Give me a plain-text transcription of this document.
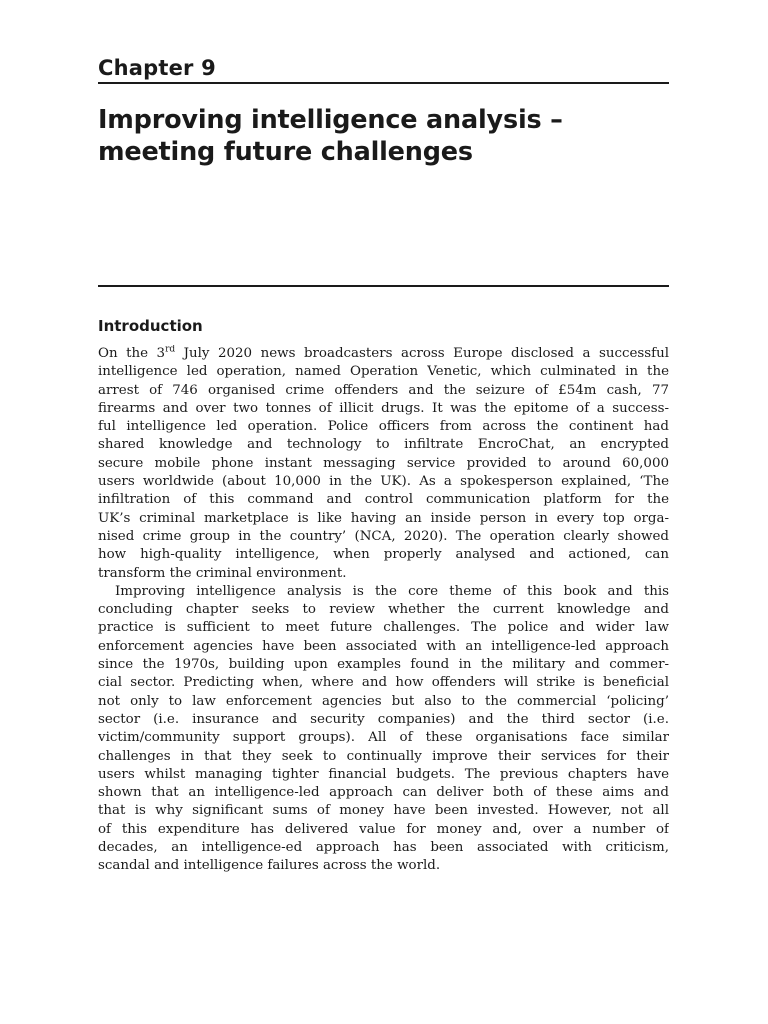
Chapter 9
Improving intelligence analysis –
meeting future challenges
Introduction

On the 3rd July 2020 news broadcasters across Europe disclosed a successful
intelligence led operation, named Operation Venetic, which culminated in the
arrest of 746 organised crime offenders and the seizure of £54m cash, 77
firearms and over two tonnes of illicit drugs. It was the epitome of a success-
ful intelligence led operation. Police officers from across the continent had
shared knowledge and technology to infiltrate EncroChat, an encrypted
secure mobile phone instant messaging service provided to around 60,000
users worldwide (about 10,000 in the UK). As a spokesperson explained, ‘The
infiltration of this command and control communication platform for the
UK’s criminal marketplace is like having an inside person in every top orga-
nised crime group in the country’ (NCA, 2020). The operation clearly showed
how high-quality intelligence, when properly analysed and actioned, can
transform the criminal environment.

Improving intelligence analysis is the core theme of this book and this
concluding chapter seeks to review whether the current knowledge and
practice is sufficient to meet future challenges. The police and wider law
enforcement agencies have been associated with an intelligence-led approach
since the 1970s, building upon examples found in the military and commer-
cial sector. Predicting when, where and how offenders will strike is beneficial
not only to law enforcement agencies but also to the commercial ‘policing’
sector (i.e. insurance and security companies) and the third sector (i.e.
victim/community support groups). All of these organisations face similar
challenges in that they seek to continually improve their services for their
users whilst managing tighter financial budgets. The previous chapters have
shown that an intelligence-led approach can deliver both of these aims and
that is why significant sums of money have been invested. However, not all
of this expenditure has delivered value for money and, over a number of
decades, an intelligence-ed approach has been associated with criticism,
scandal and intelligence failures across the world.
